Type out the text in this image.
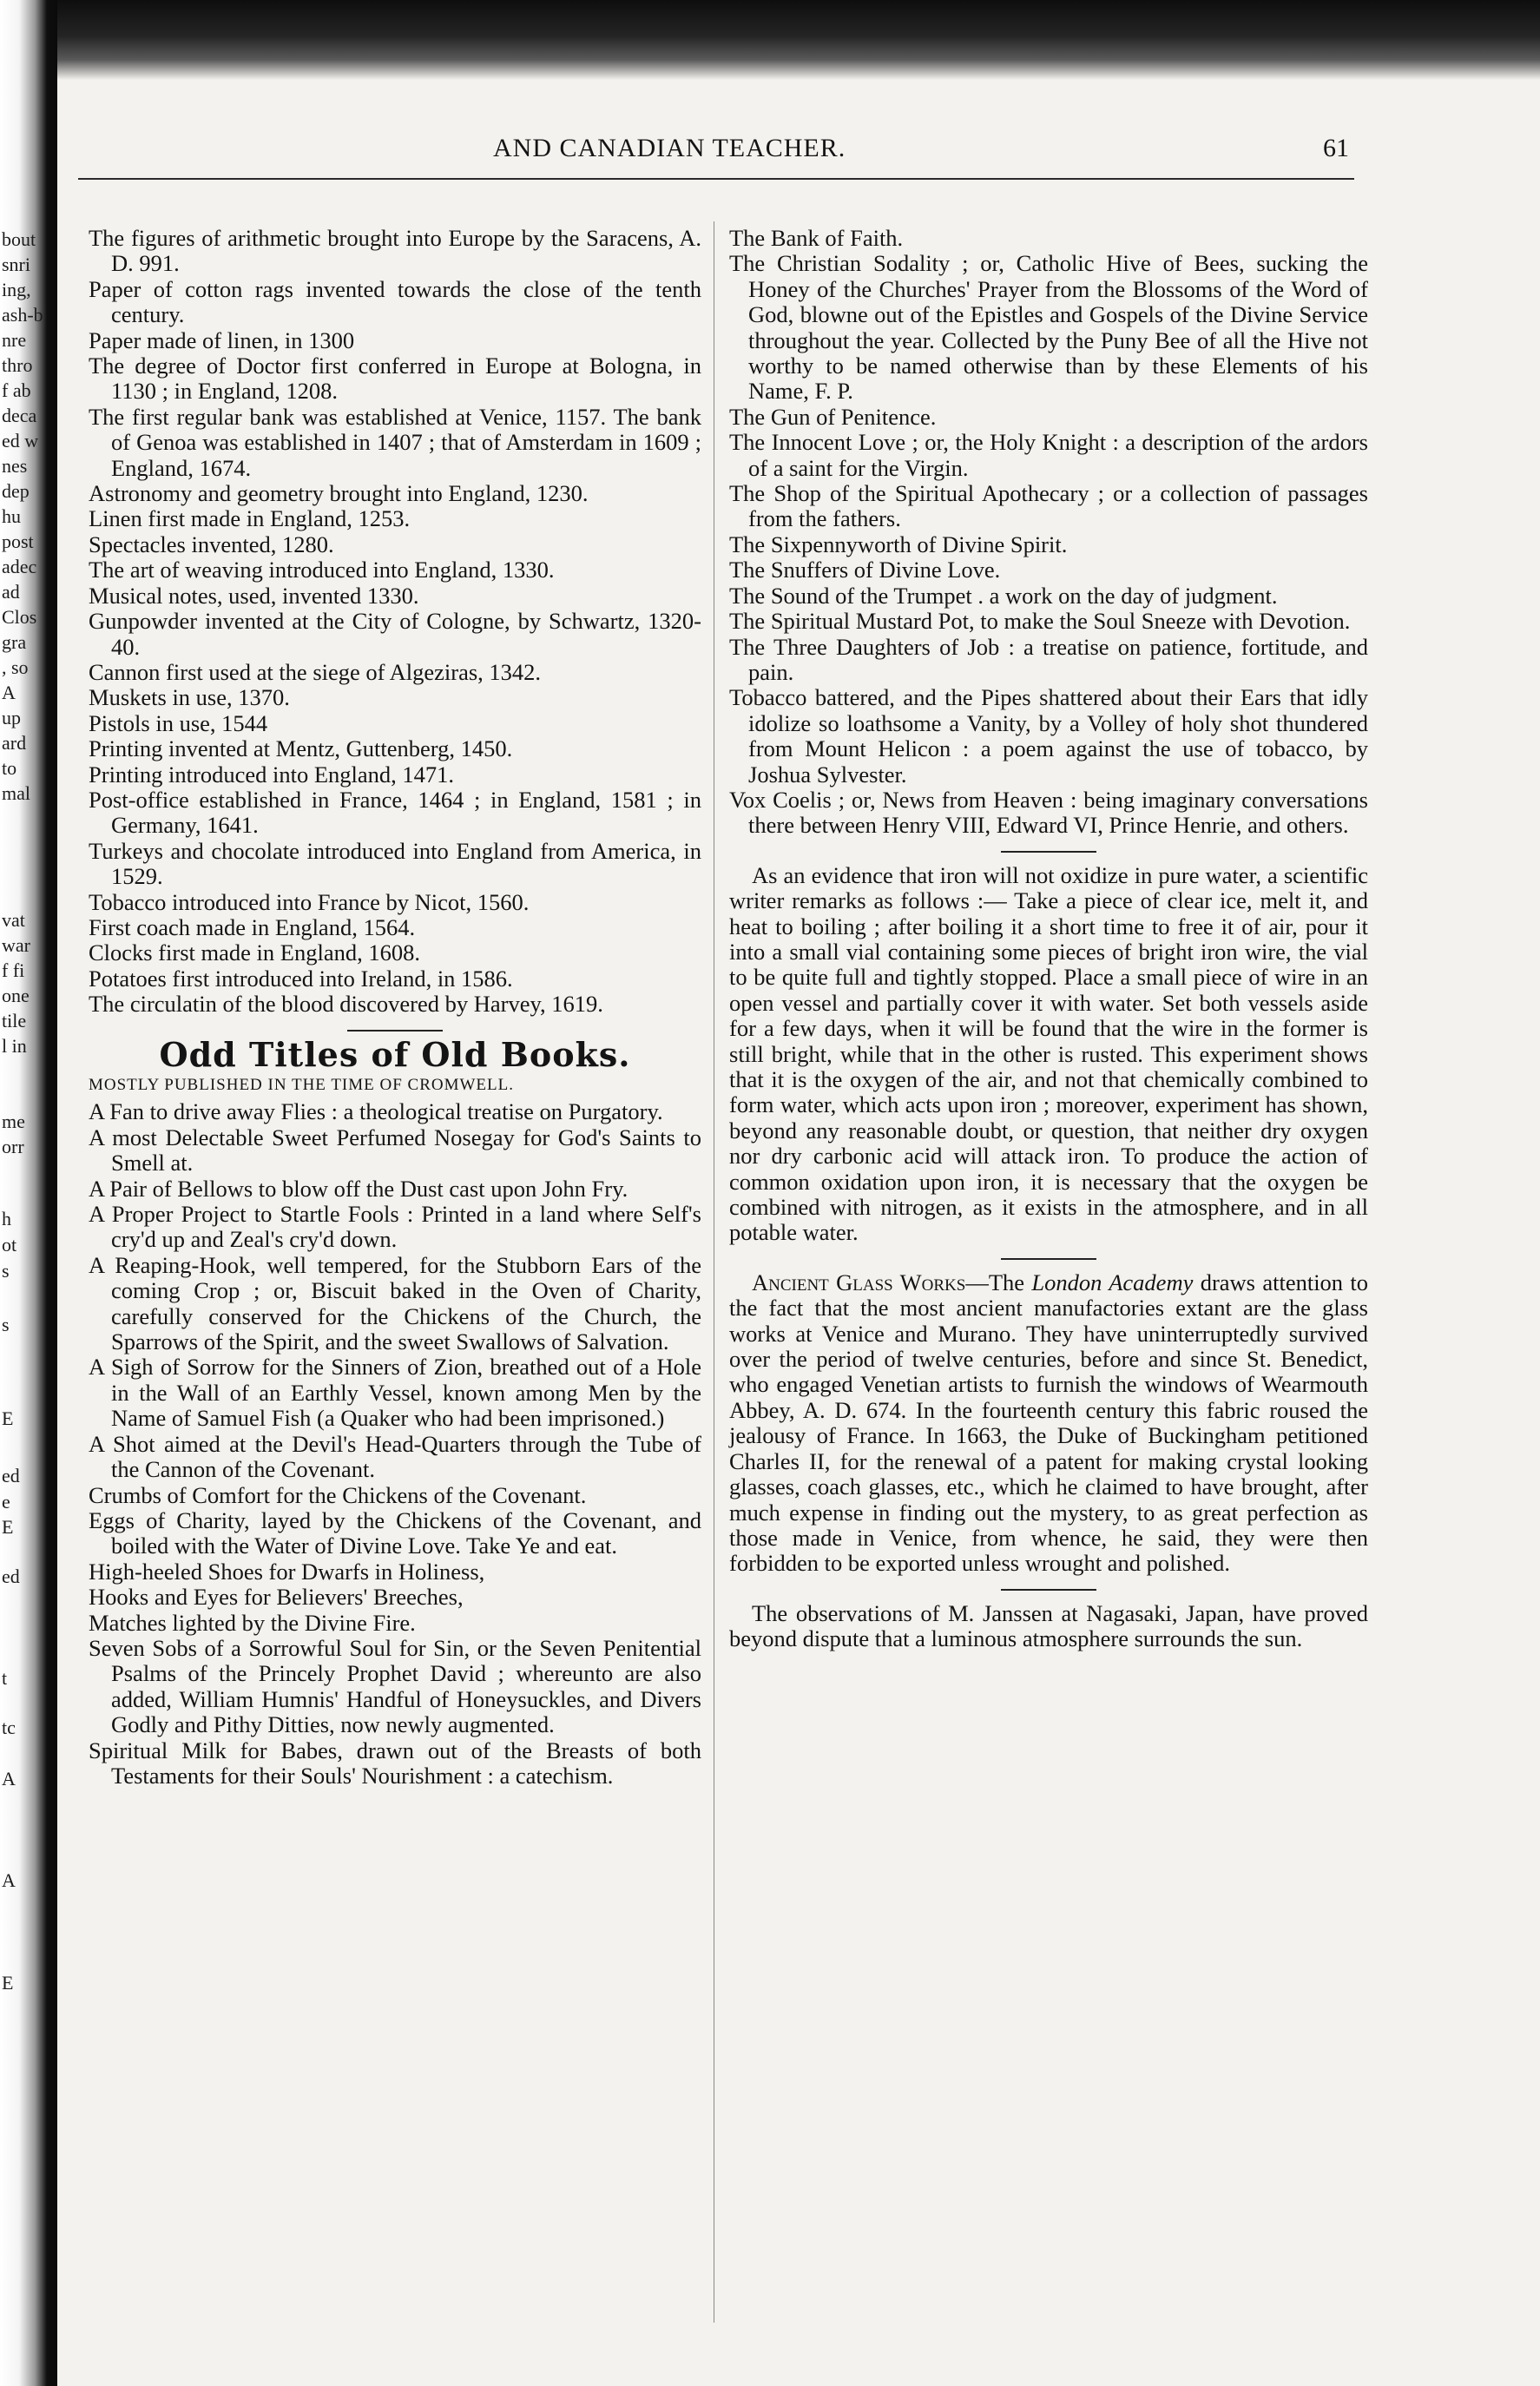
bout
snri
ing,
ash-b
nre
thro
f ab
deca
ed w
nes
dep
hu
post
adec
ad
Clos
gra
, so
A
up
ard
to
mal
vat
war
f fi
one
tile
l in
me
orr
h
ot
s
s
E
ed
e
E
ed
t
tc
A
A
E
AND CANADIAN TEACHER.	61
The figures of arithmetic brought into Europe by the Saracens, A. D. 991.
Paper of cotton rags invented towards the close of the tenth century.
Paper made of linen, in 1300
The degree of Doctor first conferred in Europe at Bologna, in 1130 ; in England, 1208.
The first regular bank was established at Venice, 1157. The bank of Genoa was established in 1407 ; that of Amsterdam in 1609 ; England, 1674.
Astronomy and geometry brought into England, 1230.
Linen first made in England, 1253.
Spectacles invented, 1280.
The art of weaving introduced into England, 1330.
Musical notes, used, invented 1330.
Gunpowder invented at the City of Cologne, by Schwartz, 1320-40.
Cannon first used at the siege of Algeziras, 1342.
Muskets in use, 1370.
Pistols in use, 1544
Printing invented at Mentz, Guttenberg, 1450.
Printing introduced into England, 1471.
Post-office established in France, 1464 ; in England, 1581 ; in Germany, 1641.
Turkeys and chocolate introduced into England from America, in 1529.
Tobacco introduced into France by Nicot, 1560.
First coach made in England, 1564.
Clocks first made in England, 1608.
Potatoes first introduced into Ireland, in 1586.
The circulatin of the blood discovered by Harvey, 1619.
Odd Titles of Old Books.
MOSTLY PUBLISHED IN THE TIME OF CROMWELL.
A Fan to drive away Flies : a theological treatise on Purgatory.
A most Delectable Sweet Perfumed Nosegay for God's Saints to Smell at.
A Pair of Bellows to blow off the Dust cast upon John Fry.
A Proper Project to Startle Fools : Printed in a land where Self's cry'd up and Zeal's cry'd down.
A Reaping-Hook, well tempered, for the Stubborn Ears of the coming Crop ; or, Biscuit baked in the Oven of Charity, carefully conserved for the Chickens of the Church, the Sparrows of the Spirit, and the sweet Swallows of Salvation.
A Sigh of Sorrow for the Sinners of Zion, breathed out of a Hole in the Wall of an Earthly Vessel, known among Men by the Name of Samuel Fish (a Quaker who had been imprisoned.)
A Shot aimed at the Devil's Head-Quarters through the Tube of the Cannon of the Covenant.
Crumbs of Comfort for the Chickens of the Covenant.
Eggs of Charity, layed by the Chickens of the Covenant, and boiled with the Water of Divine Love. Take Ye and eat.
High-heeled Shoes for Dwarfs in Holiness,
Hooks and Eyes for Believers' Breeches,
Matches lighted by the Divine Fire.
Seven Sobs of a Sorrowful Soul for Sin, or the Seven Penitential Psalms of the Princely Prophet David ; whereunto are also added, William Humnis' Handful of Honeysuckles, and Divers Godly and Pithy Ditties, now newly augmented.
Spiritual Milk for Babes, drawn out of the Breasts of both Testaments for their Souls' Nourishment : a catechism.
The Bank of Faith.
The Christian Sodality ; or, Catholic Hive of Bees, sucking the Honey of the Churches' Prayer from the Blossoms of the Word of God, blowne out of the Epistles and Gospels of the Divine Service throughout the year. Collected by the Puny Bee of all the Hive not worthy to be named otherwise than by these Elements of his Name, F. P.
The Gun of Penitence.
The Innocent Love ; or, the Holy Knight : a description of the ardors of a saint for the Virgin.
The Shop of the Spiritual Apothecary ; or a collection of passages from the fathers.
The Sixpennyworth of Divine Spirit.
The Snuffers of Divine Love.
The Sound of the Trumpet . a work on the day of judgment.
The Spiritual Mustard Pot, to make the Soul Sneeze with Devotion.
The Three Daughters of Job : a treatise on patience, fortitude, and pain.
Tobacco battered, and the Pipes shattered about their Ears that idly idolize so loathsome a Vanity, by a Volley of holy shot thundered from Mount Helicon : a poem against the use of tobacco, by Joshua Sylvester.
Vox Coelis ; or, News from Heaven : being imaginary conversations there between Henry VIII, Edward VI, Prince Henrie, and others.
As an evidence that iron will not oxidize in pure water, a scientific writer remarks as follows :— Take a piece of clear ice, melt it, and heat to boiling ; after boiling it a short time to free it of air, pour it into a small vial containing some pieces of bright iron wire, the vial to be quite full and tightly stopped. Place a small piece of wire in an open vessel and partially cover it with water. Set both vessels aside for a few days, when it will be found that the wire in the former is still bright, while that in the other is rusted. This experiment shows that it is the oxygen of the air, and not that chemically combined to form water, which acts upon iron ; moreover, experiment has shown, beyond any reasonable doubt, or question, that neither dry oxygen nor dry carbonic acid will attack iron. To produce the action of common oxidation upon iron, it is necessary that the oxygen be combined with nitrogen, as it exists in the atmosphere, and in all potable water.
Ancient Glass Works—The London Academy draws attention to the fact that the most ancient manufactories extant are the glass works at Venice and Murano. They have uninterruptedly survived over the period of twelve centuries, before and since St. Benedict, who engaged Venetian artists to furnish the windows of Wearmouth Abbey, A. D. 674. In the fourteenth century this fabric roused the jealousy of France. In 1663, the Duke of Buckingham petitioned Charles II, for the renewal of a patent for making crystal looking glasses, coach glasses, etc., which he claimed to have brought, after much expense in finding out the mystery, to as great perfection as those made in Venice, from whence, he said, they were then forbidden to be exported unless wrought and polished.
The observations of M. Janssen at Nagasaki, Japan, have proved beyond dispute that a luminous atmosphere surrounds the sun.
